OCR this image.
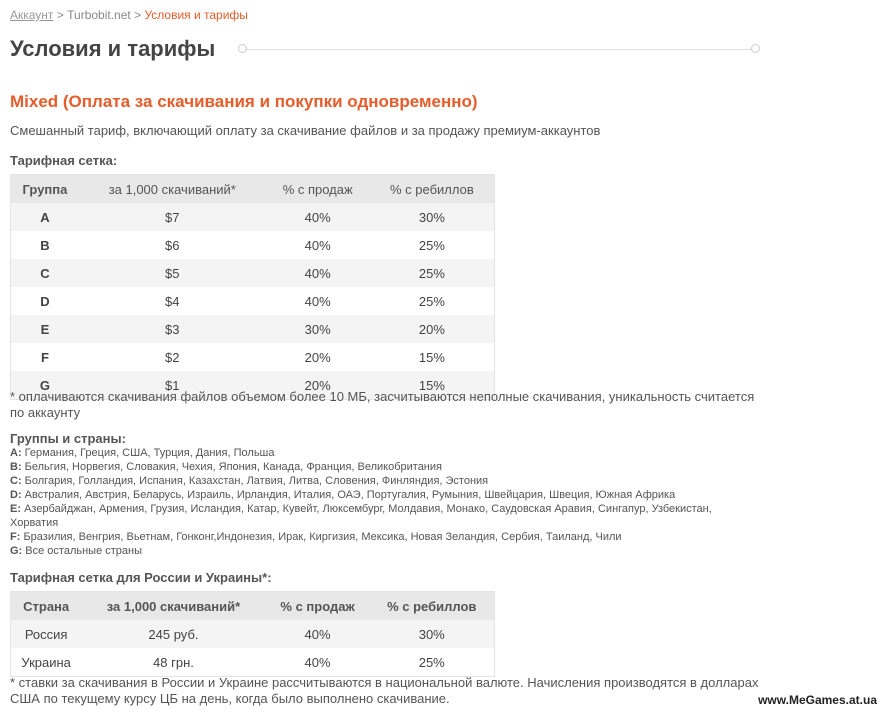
Аккаунт > Turbobit.net > Условия и тарифы
Условия и тарифы
Mixed (Оплата за скачивания и покупки одновременно)
Смешанный тариф, включающий оплату за скачивание файлов и за продажу премиум-аккаунтов
Тарифная сетка:
Группа	за 1,000 скачиваний*	% с продаж	% с ребиллов
A	$7	40%	30%
B	$6	40%	25%
C	$5	40%	25%
D	$4	40%	25%
E	$3	30%	20%
F	$2	20%	15%
G	$1	20%	15%
* оплачиваются скачивания файлов объемом более 10 МБ, засчитываются неполные скачивания, уникальность считается по аккаунту
Группы и страны:
A: Германия, Греция, США, Турция, Дания, Польша
B: Бельгия, Норвегия, Словакия, Чехия, Япония, Канада, Франция, Великобритания
C: Болгария, Голландия, Испания, Казахстан, Латвия, Литва, Словения, Финляндия, Эстония
D: Австралия, Австрия, Беларусь, Израиль, Ирландия, Италия, ОАЭ, Португалия, Румыния, Швейцария, Швеция, Южная Африка
E: Азербайджан, Армения, Грузия, Исландия, Катар, Кувейт, Люксембург, Молдавия, Монако, Саудовская Аравия, Сингапур, Узбекистан, Хорватия
F: Бразилия, Венгрия, Вьетнам, Гонконг,Индонезия, Ирак, Киргизия, Мексика, Новая Зеландия, Сербия, Таиланд, Чили
G: Все остальные страны
Тарифная сетка для России и Украины*:
Страна	за 1,000 скачиваний*	% с продаж	% с ребиллов
Россия	245 руб.	40%	30%
Украина	48 грн.	40%	25%
* ставки за скачивания в России и Украине рассчитываются в национальной валюте. Начисления производятся в долларах США по текущему курсу ЦБ на день, когда было выполнено скачивание.	www.MeGames.at.ua
